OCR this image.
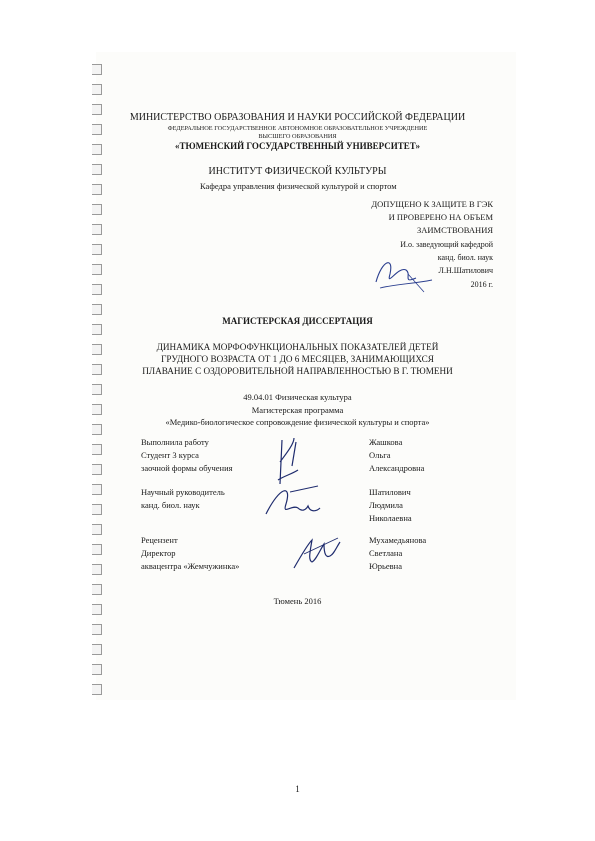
МИНИСТЕРСТВО ОБРАЗОВАНИЯ И НАУКИ РОССИЙСКОЙ ФЕДЕРАЦИИ
ФЕДЕРАЛЬНОЕ ГОСУДАРСТВЕННОЕ АВТОНОМНОЕ ОБРАЗОВАТЕЛЬНОЕ УЧРЕЖДЕНИЕ
ВЫСШЕГО ОБРАЗОВАНИЯ
«ТЮМЕНСКИЙ ГОСУДАРСТВЕННЫЙ УНИВЕРСИТЕТ»
ИНСТИТУТ ФИЗИЧЕСКОЙ КУЛЬТУРЫ
Кафедра управления физической культурой и спортом
ДОПУЩЕНО К ЗАЩИТЕ В ГЭК
И ПРОВЕРЕНО НА ОБЪЕМ
ЗАИМСТВОВАНИЯ
И.о. заведующий кафедрой
канд. биол. наук
Л.Н.Шатилович
2016 г.
МАГИСТЕРСКАЯ ДИССЕРТАЦИЯ
ДИНАМИКА МОРФОФУНКЦИОНАЛЬНЫХ ПОКАЗАТЕЛЕЙ ДЕТЕЙ
ГРУДНОГО ВОЗРАСТА ОТ 1 ДО 6 МЕСЯЦЕВ, ЗАНИМАЮЩИХСЯ
ПЛАВАНИЕ С ОЗДОРОВИТЕЛЬНОЙ НАПРАВЛЕННОСТЬЮ В Г. ТЮМЕНИ
49.04.01 Физическая культура
Магистерская программа
«Медико-биологическое сопровождение физической культуры и спорта»
Выполнила работу
Студент 3 курса
заочной формы обучения
Жашкова
Ольга
Александровна
Научный руководитель
канд. биол. наук
Шатилович
Людмила
Николаевна
Рецензент
Директор
аквацентра «Жемчужинка»
Мухамедьянова
Светлана
Юрьевна
Тюмень 2016
1
